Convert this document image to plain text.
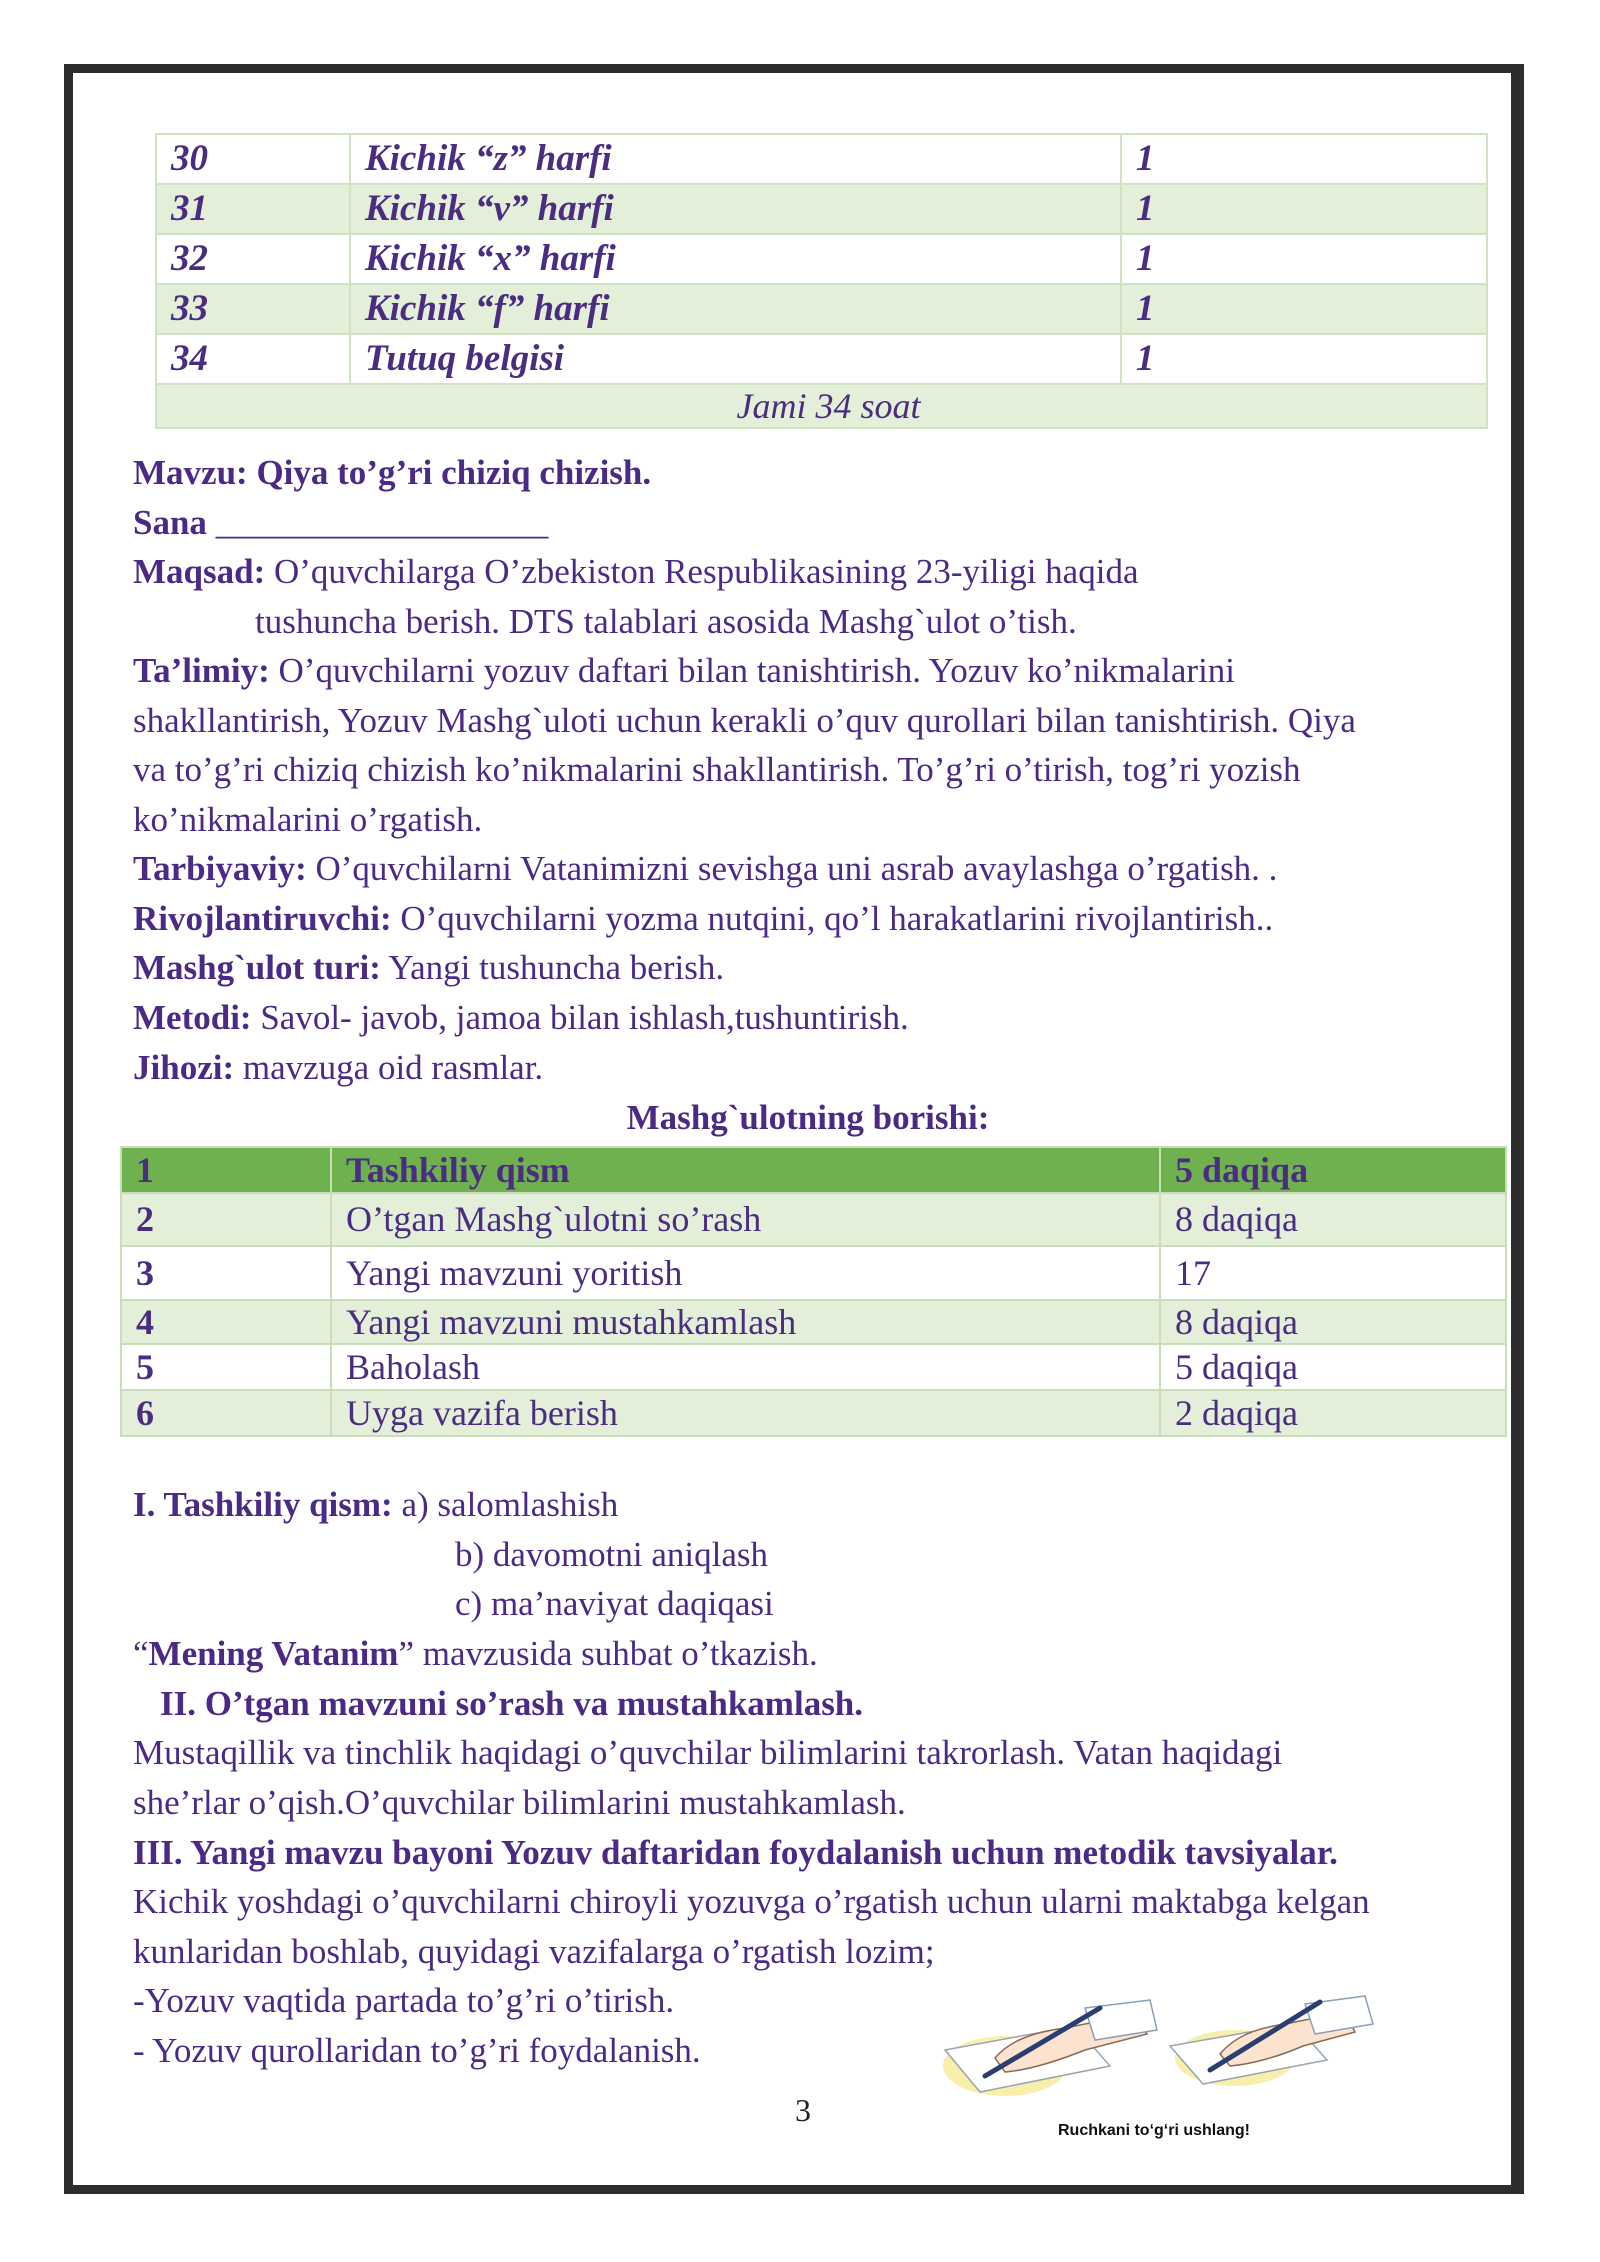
30	Kichik “z” harfi	1
31	Kichik “v” harfi	1
32	Kichik “x” harfi	1
33	Kichik “f” harfi	1
34	Tutuq belgisi	1
Jami 34 soat		
Mavzu: Qiya to’g’ri chiziq chizish.
Sana ___________________
Maqsad: O’quvchilarga O’zbekiston Respublikasining 23-yiligi haqida
tushuncha berish. DTS talablari asosida Mashg`ulot o’tish.
Ta’limiy: O’quvchilarni yozuv daftari bilan tanishtirish. Yozuv ko’nikmalarini
shakllantirish, Yozuv Mashg`uloti uchun kerakli o’quv qurollari bilan tanishtirish. Qiya
va to’g’ri chiziq chizish ko’nikmalarini shakllantirish. To’g’ri o’tirish, tog’ri yozish
ko’nikmalarini o’rgatish.
Tarbiyaviy: O’quvchilarni Vatanimizni sevishga uni asrab avaylashga o’rgatish. .
Rivojlantiruvchi: O’quvchilarni yozma nutqini, qo’l harakatlarini rivojlantirish..
Mashg`ulot turi: Yangi tushuncha berish.
Metodi: Savol- javob, jamoa bilan ishlash,tushuntirish.
Jihozi: mavzuga oid rasmlar.
Mashg`ulotning borishi:
1	Tashkiliy qism	5 daqiqa
2	O’tgan Mashg`ulotni so’rash	8 daqiqa
3	Yangi mavzuni yoritish	17
4	Yangi mavzuni mustahkamlash	8 daqiqa
5	Baholash	5 daqiqa
6	Uyga vazifa berish	2 daqiqa
I. Tashkiliy qism: a) salomlashish
b) davomotni aniqlash
c) ma’naviyat daqiqasi
“Mening Vatanim” mavzusida suhbat o’tkazish.
II. O’tgan mavzuni so’rash va mustahkamlash.
Mustaqillik va tinchlik haqidagi o’quvchilar bilimlarini takrorlash. Vatan haqidagi
she’rlar o’qish.O’quvchilar bilimlarini mustahkamlash.
III. Yangi mavzu bayoni Yozuv daftaridan foydalanish uchun metodik tavsiyalar.
Kichik yoshdagi o’quvchilarni chiroyli yozuvga o’rgatish uchun ularni maktabga kelgan
kunlaridan boshlab, quyidagi vazifalarga o’rgatish lozim;
-Yozuv vaqtida partada to’g’ri o’tirish.
- Yozuv qurollaridan to’g’ri foydalanish.
Ruchkani to‘g‘ri ushlang!
3
